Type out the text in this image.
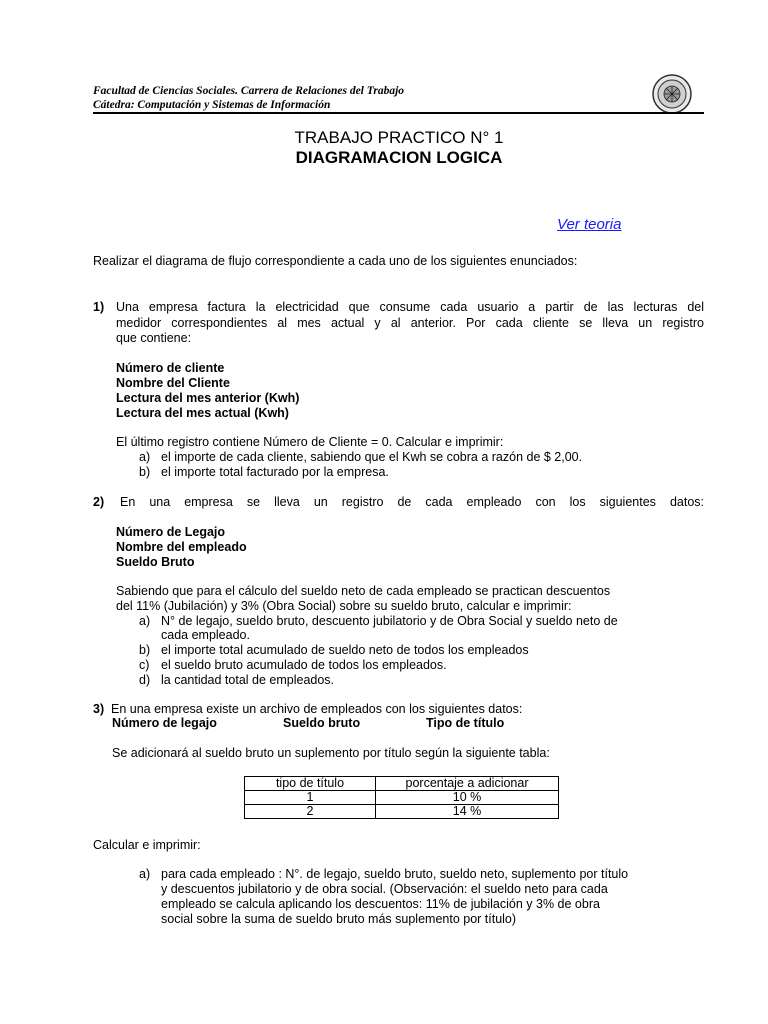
Facultad de Ciencias Sociales. Carrera de Relaciones del Trabajo
Cátedra: Computación y Sistemas de Información
TRABAJO PRACTICO N° 1
DIAGRAMACION LOGICA
Ver teoria
Realizar el diagrama de flujo correspondiente a cada uno de los siguientes enunciados:
1) Una empresa factura la electricidad que consume cada usuario a partir de las lecturas del
medidor correspondientes al mes actual y al anterior. Por cada cliente se lleva un registro
que contiene:
Número de cliente
Nombre del Cliente
Lectura del mes anterior (Kwh)
Lectura del mes actual (Kwh)
El último registro contiene Número de Cliente = 0. Calcular e imprimir:
a) el importe de cada cliente, sabiendo que el Kwh se cobra a razón de $ 2,00.
b) el importe total facturado por la empresa.
2) En una empresa se lleva un registro de cada empleado con los siguientes datos:
Número de Legajo
Nombre del empleado
Sueldo Bruto
Sabiendo que para el cálculo del sueldo neto de cada empleado se practican descuentos
del 11% (Jubilación) y 3% (Obra Social) sobre su sueldo bruto, calcular e imprimir:
a) N° de legajo, sueldo bruto, descuento jubilatorio y de Obra Social y sueldo neto de
cada empleado.
b) el importe total acumulado de sueldo neto de todos los empleados
c) el sueldo bruto acumulado de todos los empleados.
d) la cantidad total de empleados.
3) En una empresa existe un archivo de empleados con los siguientes datos:
Número de legajo	Sueldo bruto	Tipo de título
Se adicionará al sueldo bruto un suplemento por título según la siguiente tabla:
tipo de título	porcentaje a adicionar
1	10 %
2	14 %
Calcular e imprimir:
a) para cada empleado : N°. de legajo, sueldo bruto, sueldo neto, suplemento por título
y descuentos jubilatorio y de obra social. (Observación: el sueldo neto para cada
empleado se calcula aplicando los descuentos: 11% de jubilación y 3% de obra
social sobre la suma de sueldo bruto más suplemento por título)
